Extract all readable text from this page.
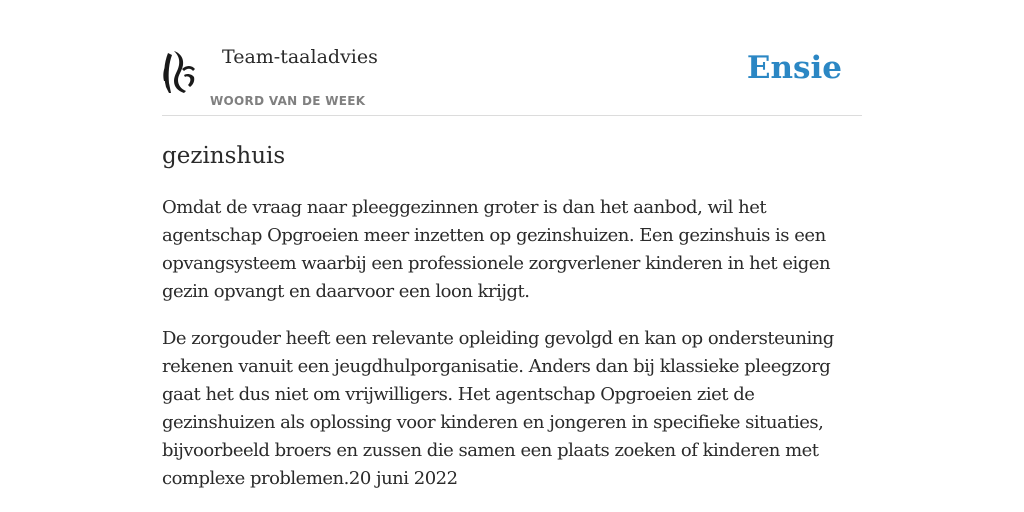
Team-taaladvies
WOORD VAN DE WEEK
Ensie
gezinshuis

Omdat de vraag naar pleeggezinnen groter is dan het aanbod, wil het agentschap Opgroeien meer inzetten op gezinshuizen. Een gezinshuis is een opvangsysteem waarbij een professionele zorgverlener kinderen in het eigen gezin opvangt en daarvoor een loon krijgt.

De zorgouder heeft een relevante opleiding gevolgd en kan op ondersteuning rekenen vanuit een jeugdhulporganisatie. Anders dan bij klassieke pleegzorg gaat het dus niet om vrijwilligers. Het agentschap Opgroeien ziet de gezinshuizen als oplossing voor kinderen en jongeren in specifieke situaties, bijvoorbeeld broers en zussen die samen een plaats zoeken of kinderen met complexe problemen.20 juni 2022
